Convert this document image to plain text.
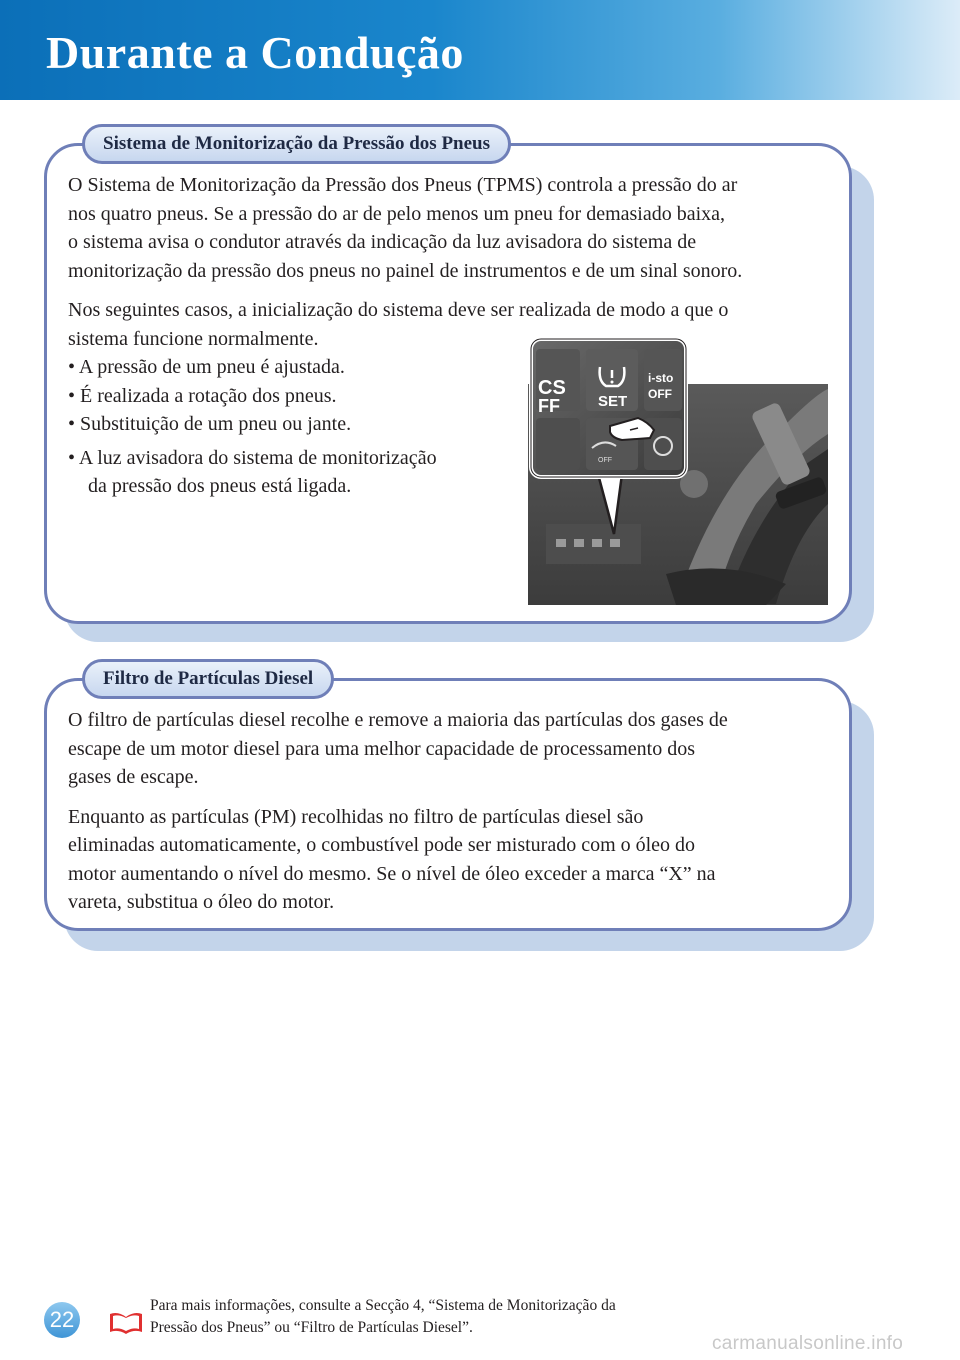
Durante a Condução
Sistema de Monitorização da Pressão dos Pneus

O Sistema de Monitorização da Pressão dos Pneus (TPMS) controla a pressão do ar
nos quatro pneus. Se a pressão do ar de pelo menos um pneu for demasiado baixa,
o sistema avisa o condutor através da indicação da luz avisadora do sistema de
monitorização da pressão dos pneus no painel de instrumentos e de um sinal sonoro.

Nos seguintes casos, a inicialização do sistema deve ser realizada de modo a que o
sistema funcione normalmente.
• A pressão de um pneu é ajustada.
• É realizada a rotação dos pneus.
• Substituição de um pneu ou jante.
• A luz avisadora do sistema de monitorização
da pressão dos pneus está ligada.

CS
FF	SET
i-sto
OFF
OFF
Filtro de Partículas Diesel

O filtro de partículas diesel recolhe e remove a maioria das partículas dos gases de
escape de um motor diesel para uma melhor capacidade de processamento dos
gases de escape.

Enquanto as partículas (PM) recolhidas no filtro de partículas diesel são
eliminadas automaticamente, o combustível pode ser misturado com o óleo do
motor aumentando o nível do mesmo. Se o nível de óleo exceder a marca “X” na
vareta, substitua o óleo do motor.

22
Para mais informações, consulte a Secção 4, “Sistema de Monitorização da
Pressão dos Pneus” ou “Filtro de Partículas Diesel”.
carmanualsonline.info
